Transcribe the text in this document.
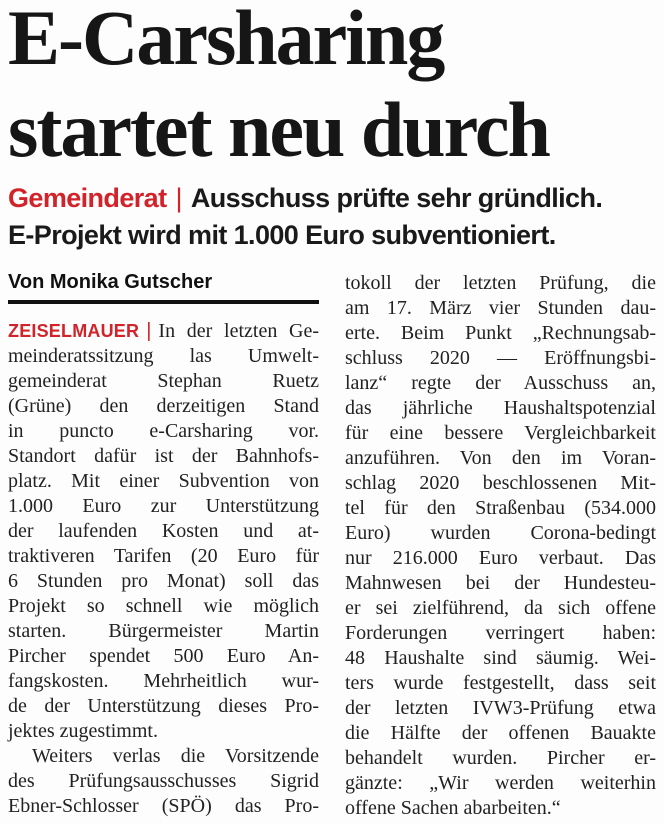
E-Carsharing
startet neu durch
Gemeinderat | Ausschuss prüfte sehr gründlich.
E-Projekt wird mit 1.000 Euro subventioniert.
Von Monika Gutscher
ZEISELMAUER | In der letzten Ge-
meinderatssitzung las Umwelt-
gemeinderat Stephan Ruetz
(Grüne) den derzeitigen Stand
in puncto e-Carsharing vor.
Standort dafür ist der Bahnhofs-
platz. Mit einer Subvention von
1.000 Euro zur Unterstützung
der laufenden Kosten und at-
traktiveren Tarifen (20 Euro für
6 Stunden pro Monat) soll das
Projekt so schnell wie möglich
starten. Bürgermeister Martin
Pircher spendet 500 Euro An-
fangskosten. Mehrheitlich wur-
de der Unterstützung dieses Pro-
jektes zugestimmt.
Weiters verlas die Vorsitzende
des Prüfungsausschusses Sigrid
Ebner-Schlosser (SPÖ) das Pro-
tokoll der letzten Prüfung, die
am 17. März vier Stunden dau-
erte. Beim Punkt „Rechnungsab-
schluss 2020 — Eröffnungsbi-
lanz“ regte der Ausschuss an,
das jährliche Haushaltspotenzial
für eine bessere Vergleichbarkeit
anzuführen. Von den im Voran-
schlag 2020 beschlossenen Mit-
tel für den Straßenbau (534.000
Euro) wurden Corona-bedingt
nur 216.000 Euro verbaut. Das
Mahnwesen bei der Hundesteu-
er sei zielführend, da sich offene
Forderungen verringert haben:
48 Haushalte sind säumig. Wei-
ters wurde festgestellt, dass seit
der letzten IVW3-Prüfung etwa
die Hälfte der offenen Bauakte
behandelt wurden. Pircher er-
gänzte: „Wir werden weiterhin
offene Sachen abarbeiten.“
